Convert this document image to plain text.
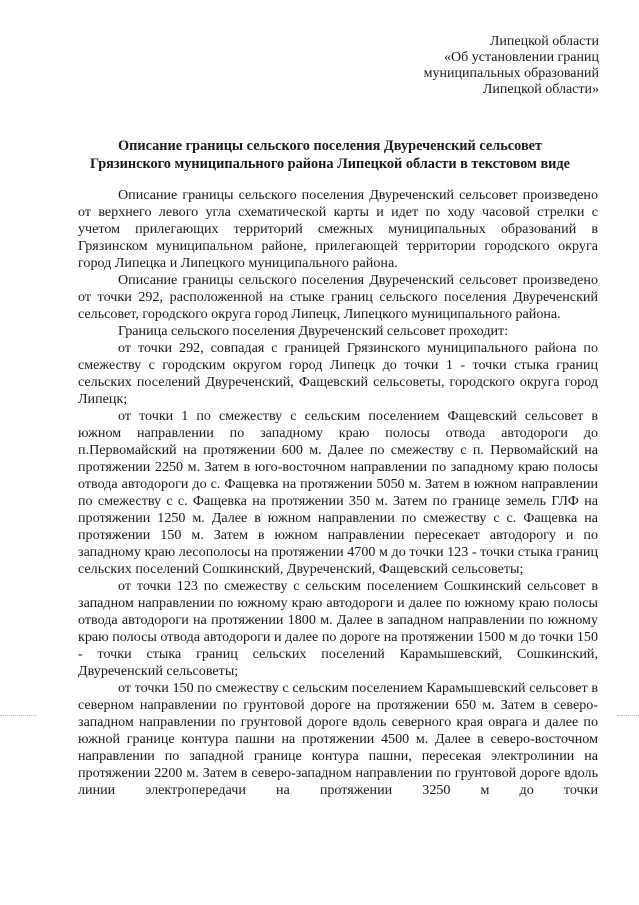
Липецкой области
«Об установлении границ
муниципальных образований
Липецкой области»
Описание границы сельского поселения Двуреченский сельсовет
Грязинского муниципального района Липецкой области в текстовом виде

Описание границы сельского поселения Двуреченский сельсовет произведено от верхнего левого угла схематической карты и идет по ходу часовой стрелки с учетом прилегающих территорий смежных муниципальных образований в Грязинском муниципальном районе, прилегающей территории городского округа город Липецка и Липецкого муниципального района.

Описание границы сельского поселения Двуреченский сельсовет произведено от точки 292, расположенной на стыке границ сельского поселения Двуреченский сельсовет, городского округа город Липецк, Липецкого муниципального района.

Граница сельского поселения Двуреченский сельсовет проходит:

от точки 292, совпадая с границей Грязинского муниципального района по смежеству с городским округом город Липецк до точки 1 - точки стыка границ сельских поселений Двуреченский, Фащевский сельсоветы, городского округа город Липецк;

от точки 1 по смежеству с сельским поселением Фащевский сельсовет в южном направлении по западному краю полосы отвода автодороги до п.Первомайский на протяжении 600 м. Далее по смежеству с п. Первомайский на протяжении 2250 м. Затем в юго-восточном направлении по западному краю полосы отвода автодороги до с. Фащевка на протяжении 5050 м. Затем в южном направлении по смежеству с с. Фащевка на протяжении 350 м. Затем по границе земель ГЛФ на протяжении 1250 м. Далее в южном направлении по смежеству с с. Фащевка на протяжении 150 м. Затем в южном направлении пересекает автодорогу и по западному краю лесополосы на протяжении 4700 м до точки 123 - точки стыка границ сельских поселений Сошкинский, Двуреченский, Фащевский сельсоветы;

от точки 123 по смежеству с сельским поселением Сошкинский сельсовет в западном направлении по южному краю автодороги и далее по южному краю полосы отвода автодороги на протяжении 1800 м. Далее в западном направлении по южному краю полосы отвода автодороги и далее по дороге на протяжении 1500 м до точки 150 - точки стыка границ сельских поселений Карамышевский, Сошкинский, Двуреченский сельсоветы;

от точки 150 по смежеству с сельским поселением Карамышевский сельсовет в северном направлении по грунтовой дороге на протяжении 650 м. Затем в северо-западном направлении по грунтовой дороге вдоль северного края оврага и далее по южной границе контура пашни на протяжении 4500 м. Далее в северо-восточном направлении по западной границе контура пашни, пересекая электролинии на протяжении 2200 м. Затем в северо-западном направлении по грунтовой дороге вдоль линии электропередачи на протяжении 3250 м до точки
